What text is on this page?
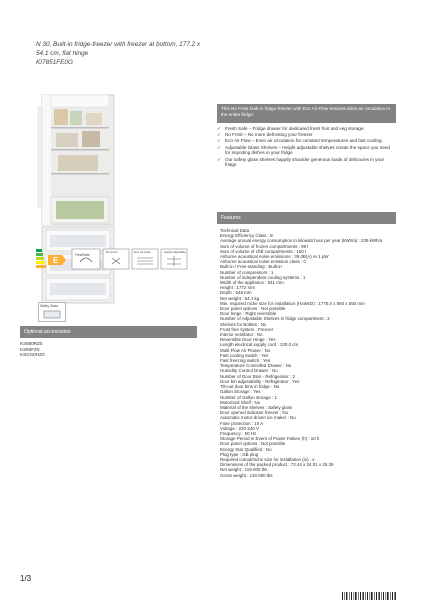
N 30, Built-in fridge-freezer with freezer at bottom, 177.2 x
54.1 cm, flat hinge
KI7851FE0G
E
FreshSafe
No Frost	Eco Air Flow	Height Adjustable
Safety Glass
Optional accessories
KS680RZ0
KS93FZ0
KSGG0HZ0
1/3
This No Frost built-in fridge-freezer with Eco Air Flow ensures ideal air circulation in the entire fridge.
✓ Fresh Safe – Fridge drawer for dedicated fresh fruit and veg storage.
✓ No Frost – No more defrosting your freezer
✓ Eco Air Flow – Even air circulation for constant temperatures and fast cooling.
✓ Adjustable Glass Shelves – Height adjustable shelves create the space you need for impoding dishes in your fridge
✓ Our safety glass shelves happily shoulder generous loads of delicacies in your fridge
Features
Technical Data
Energy Efficiency Class : E
Average annual energy consumption in kilowatt hour per year (kWh/a) : 239 kWh/a
Sum of volume of frozen compartments : 99 l
Sum of volume of chill compartments : 150 l
Airborne acoustical noise emissions : 39 dB(A) re 1 pW
Airborne acoustical noise emission class : C
Built-in / Free-standing : Built-in
Number of compressors : 1
Number of independent cooling systems : 1
Width of the appliance : 541 mm
Height : 1772 mm
Depth : 548 mm
Net weight : 54.1 kg
Min. required niche size for installation (HxWxD) : 1775.0 x 560 x 550 mm
Door panel options : Not possible
Door hinge : Right reversible
Number of Adjustable Shelves in fridge compartment : 2
Shelves for Bottles : No
Frost free system : Freezer
Interior ventilator : No
Reversible Door Hinge : Yes
Length electrical supply cord : 230.0 cm
Multi Flow Air Flower : No
Fast cooling switch : Yes
Fast freezing switch : Yes
Temperature Controlled Drawer : No
Humidity Control Drawer : No
Number of Door Bins - Refrigerator : 2
Door bin adjustability - Refrigerator : Yes
Tilt-out door bins in fridge : No
Gallon Storage : Yes
Number of Gallon storage : 1
Motorized Shelf : No
Material of the shelves : Safety glass
Door opened indicator freezer : No
Automatic motor-driven ice maker : No
Fuse protection : 10 A
Voltage : 220-240 V
Frequency : 50 Hz
Storage Period in Event of Power Failure (h) : 10 h
Door panel options : Not possible
Energy Star Qualified : No
Plug type : GB plug
Required cutout/niche size for installation (in) : x
Dimensions of the packed product : 72.44 x 24.01 x 25.39
Net weight : 119.000 lbs
Gross weight : 130.000 lbs
